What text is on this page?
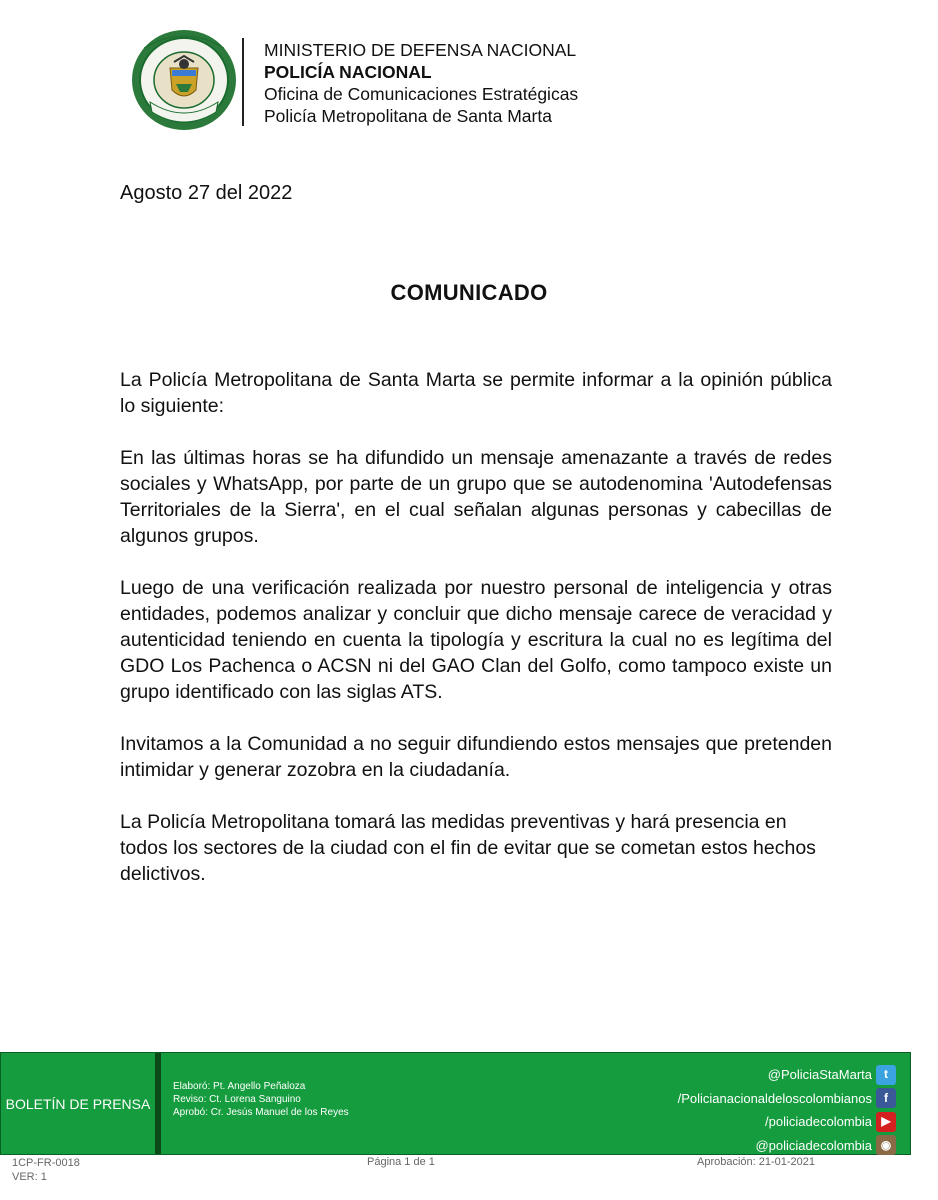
MINISTERIO DE DEFENSA NACIONAL
POLICÍA NACIONAL
Oficina de Comunicaciones Estratégicas
Policía Metropolitana de Santa Marta
Agosto 27 del 2022
COMUNICADO

La Policía Metropolitana de Santa Marta se permite informar a la opinión pública lo siguiente:

En las últimas horas se ha difundido un mensaje amenazante a través de redes sociales y WhatsApp, por parte de un grupo que se autodenomina 'Autodefensas Territoriales de la Sierra', en el cual señalan algunas personas y cabecillas de algunos grupos.

Luego de una verificación realizada por nuestro personal de inteligencia y otras entidades, podemos analizar y concluir que dicho mensaje carece de veracidad y autenticidad teniendo en cuenta la tipología y escritura la cual no es legítima del GDO Los Pachenca o ACSN ni del GAO Clan del Golfo, como tampoco existe un grupo identificado con las siglas ATS.

Invitamos a la Comunidad a no seguir difundiendo estos mensajes que pretenden intimidar y generar zozobra en la ciudadanía.

La Policía Metropolitana tomará las medidas preventivas y hará presencia en todos los sectores de la ciudad con el fin de evitar que se cometan estos hechos delictivos.

BOLETÍN DE PRENSA
Elaboró: Pt. Angello Peñaloza
Reviso: Ct. Lorena Sanguino
Aprobó: Cr. Jesús Manuel de los Reyes
@PoliciaStaMarta	t
/Policianacionaldeloscolombianos	f
/policiadecolombia ▶
@policiadecolombia ◉
1CP-FR-0018
VER: 1
Página 1 de 1	Aprobación: 21-01-2021
